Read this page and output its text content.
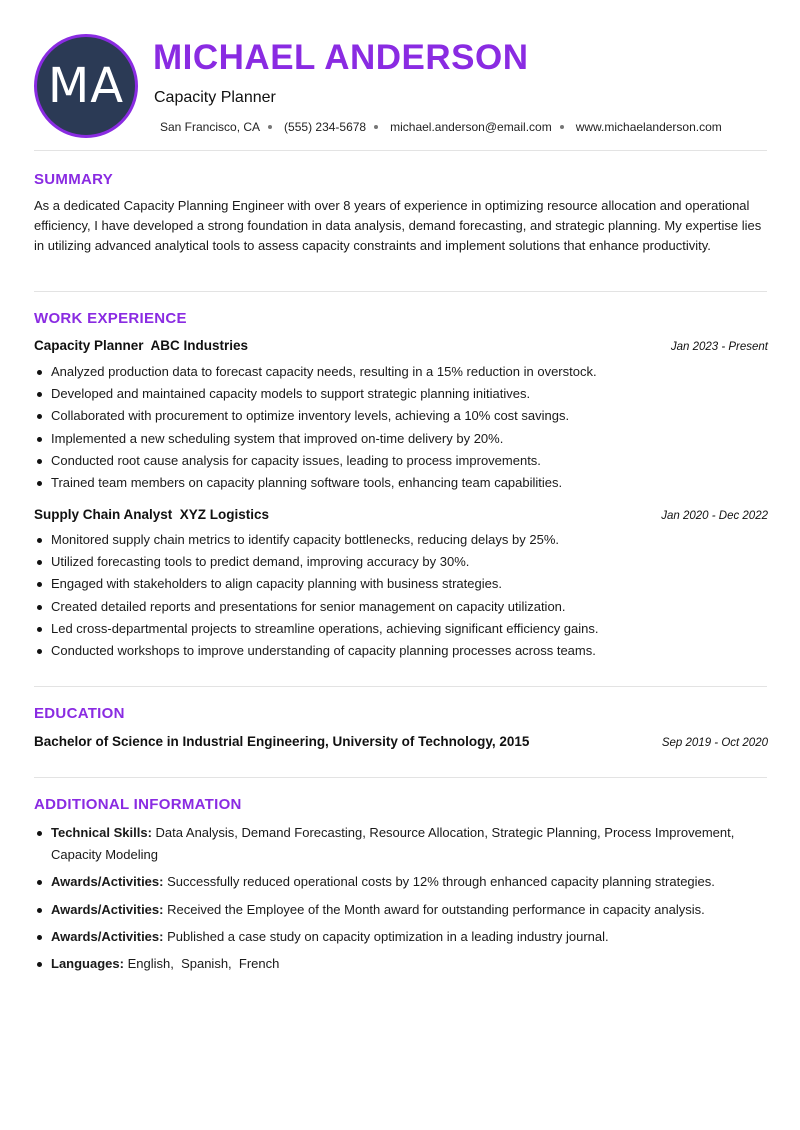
MA
MICHAEL ANDERSON
Capacity Planner
San Francisco, CA (555) 234-5678 michael.anderson@email.com www.michaelanderson.com
SUMMARY
As a dedicated Capacity Planning Engineer with over 8 years of experience in optimizing resource allocation and operational efficiency, I have developed a strong foundation in data analysis, demand forecasting, and strategic planning. My expertise lies in utilizing advanced analytical tools to assess capacity constraints and implement solutions that enhance productivity.
WORK EXPERIENCE
Capacity Planner  ABC Industries	Jan 2023 - Present
Analyzed production data to forecast capacity needs, resulting in a 15% reduction in overstock.
Developed and maintained capacity models to support strategic planning initiatives.
Collaborated with procurement to optimize inventory levels, achieving a 10% cost savings.
Implemented a new scheduling system that improved on-time delivery by 20%.
Conducted root cause analysis for capacity issues, leading to process improvements.
Trained team members on capacity planning software tools, enhancing team capabilities.
Supply Chain Analyst  XYZ Logistics	Jan 2020 - Dec 2022
Monitored supply chain metrics to identify capacity bottlenecks, reducing delays by 25%.
Utilized forecasting tools to predict demand, improving accuracy by 30%.
Engaged with stakeholders to align capacity planning with business strategies.
Created detailed reports and presentations for senior management on capacity utilization.
Led cross-departmental projects to streamline operations, achieving significant efficiency gains.
Conducted workshops to improve understanding of capacity planning processes across teams.
EDUCATION
Bachelor of Science in Industrial Engineering, University of Technology, 2015	Sep 2019 - Oct 2020
ADDITIONAL INFORMATION
Technical Skills: Data Analysis, Demand Forecasting, Resource Allocation, Strategic Planning, Process Improvement, Capacity Modeling
Awards/Activities: Successfully reduced operational costs by 12% through enhanced capacity planning strategies.
Awards/Activities: Received the Employee of the Month award for outstanding performance in capacity analysis.
Awards/Activities: Published a case study on capacity optimization in a leading industry journal.
Languages: English,  Spanish,  French
